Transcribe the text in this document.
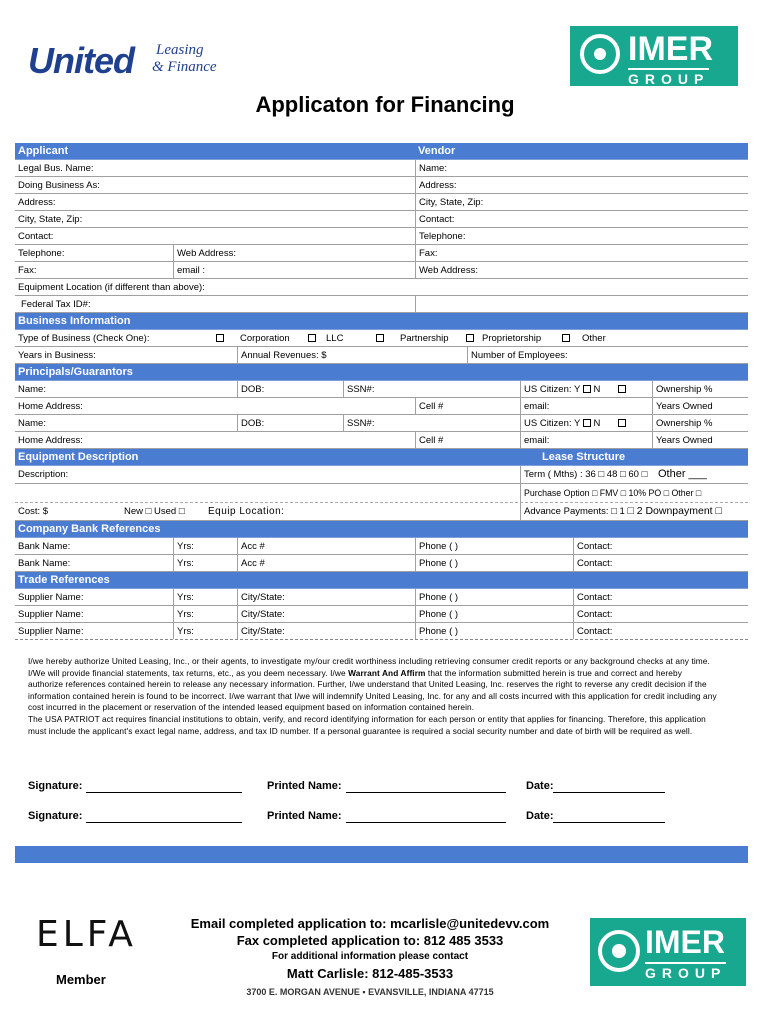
United Leasing
& Finance	IMER
GROUP
Applicaton for Financing
Applicant	Vendor
Legal Bus. Name:	Name:
Doing Business As:	Address:
Address:	City, State, Zip:
City, State, Zip:	Contact:
Contact:	Telephone:
Telephone:	Web Address:	Fax:
Fax:	email :	Web Address:
Equipment Location (if different than above):
Federal Tax ID#:
Business Information
Type of Business (Check One):	Corporation	LLC	Partnership	Proprietorship	Other
Years in Business:	Annual Revenues: $	Number of Employees:
Principals/Guarantors
Name:	DOB:	SSN#:	US Citizen: Y N	Ownership %
Home Address:	Cell #	email:	Years Owned
Name:	DOB:	SSN#:	US Citizen: Y N	Ownership %
Home Address:	Cell #	email:	Years Owned
Equipment Description	Lease Structure
Description:	Term ( Mths) : 36 □ 48 □ 60 □ Other ___
Purchase Option □ FMV □ 10% PO □ Other □
Cost: $	New □ Used □	Equip Location:	Advance Payments: □ 1 □ 2 Downpayment □
Company Bank References
Bank Name:	Yrs:	Acc #	Phone ( )	Contact:
Bank Name:	Yrs:	Acc #	Phone ( )	Contact:
Trade References
Supplier Name:	Yrs:	City/State:	Phone ( )	Contact:
Supplier Name:	Yrs:	City/State:	Phone ( )	Contact:
Supplier Name:	Yrs:	City/State:	Phone ( )	Contact:

I/we hereby authorize United Leasing, Inc., or their agents, to investigate my/our credit worthiness including retrieving consumer credit reports or any background checks at any time. I/We will provide financial statements, tax returns, etc., as you deem necessary. I/we Warrant And Affirm that the information submitted herein is true and correct and hereby authorize references contained herein to release any necessary information. Further, I/we understand that United Leasing, Inc. reserves the right to reverse any credit decision if the information contained herein is found to be incorrect. I/we warrant that I/we will indemnify United Leasing, Inc. for any and all costs incurred with this application for credit including any cost incurred in the placement or reservation of the intended leased equipment based on information contained herein.

The USA PATRIOT act requires financial institutions to obtain, verify, and record identifying information for each person or entity that applies for financing. Therefore, this application must include the applicant's exact legal name, address, and tax ID number. If a personal guarantee is required a social security number and date of birth will be required as well.

Signature:	Printed Name:	Date:
Signature:	Printed Name:	Date:
ELFA
Member
Email completed application to: mcarlisle@unitedevv.com
Fax completed application to: 812 485 3533
For additional information please contact
Matt Carlisle: 812-485-3533
3700 E. MORGAN AVENUE ▪ EVANSVILLE, INDIANA 47715
IMER
GROUP
